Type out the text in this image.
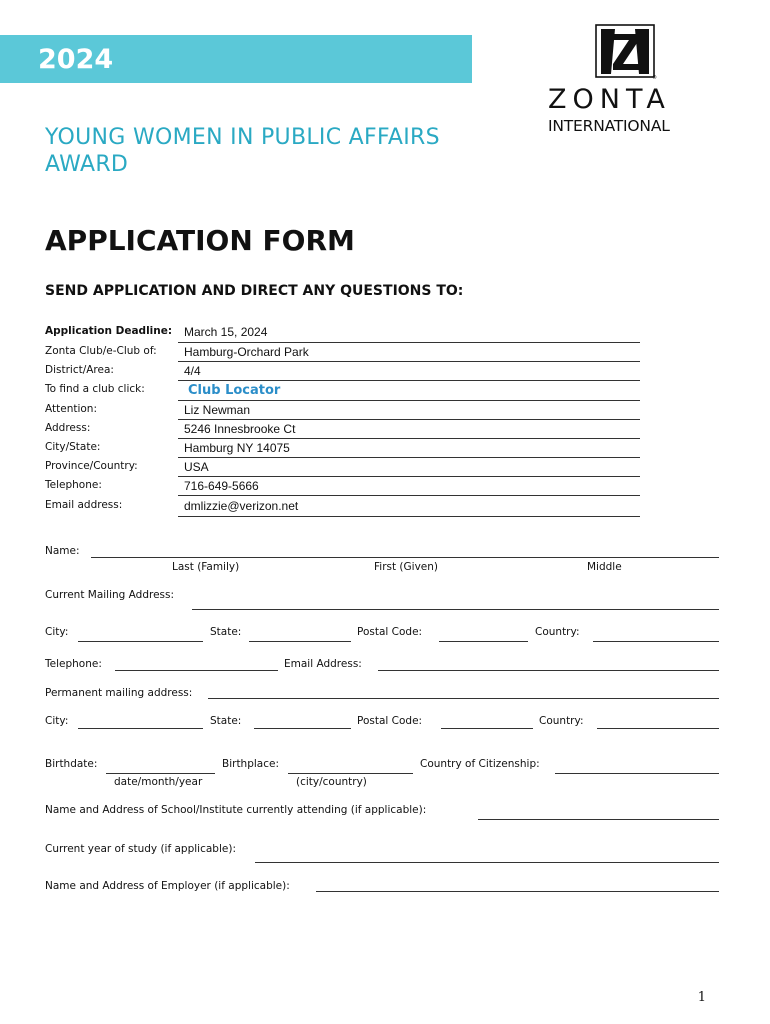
2024
YOUNG WOMEN IN PUBLIC AFFAIRS AWARD
APPLICATION FORM
SEND APPLICATION AND DIRECT ANY QUESTIONS TO:
®
ZONTA
INTERNATIONAL
Application Deadline: March 15, 2024
Zonta Club/e-Club of: Hamburg-Orchard Park
District/Area:	4/4
To find a club click:	Club Locator
Attention:	Liz Newman
Address:	5246 Innesbrooke Ct
City/State:	Hamburg NY 14075
Province/Country:	USA
Telephone:	716-649-5666
Email address:	dmlizzie@verizon.net
Name:
Last (Family)	First (Given)	Middle
Current Mailing Address:
City:	State:	Postal Code:	Country:
Telephone:	Email Address:
Permanent mailing address:
City:	State:	Postal Code:	Country:
Birthdate:
date/month/year
Birthplace:
(city/country)
Country of Citizenship:
Name and Address of School/Institute currently attending (if applicable):
Current year of study (if applicable):
Name and Address of Employer (if applicable):
1
